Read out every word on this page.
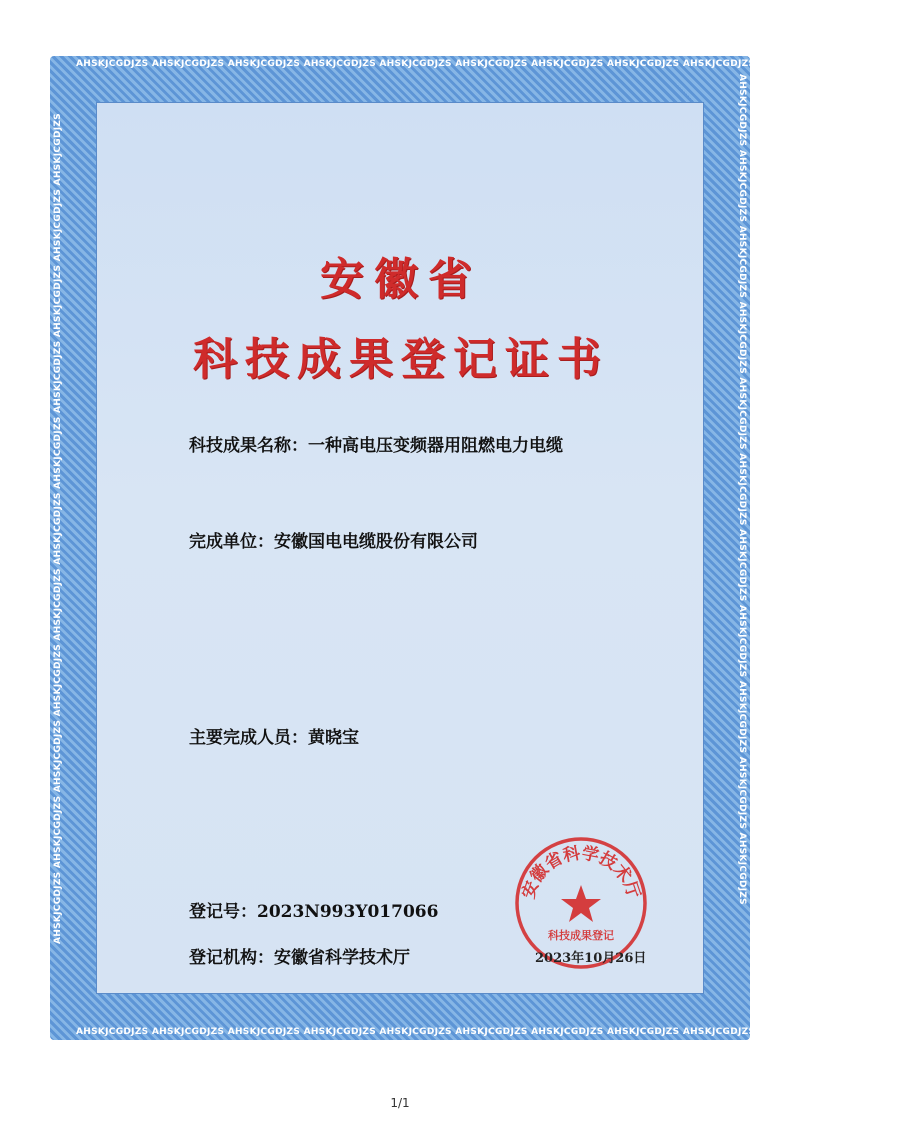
AHSKJCGDJZS AHSKJCGDJZS AHSKJCGDJZS AHSKJCGDJZS AHSKJCGDJZS AHSKJCGDJZS AHSKJCGDJZS AHSKJCGDJZS AHSKJCGDJZS AHSKJCGDJZS AHSKJCGDJZS
AHSKJCGDJZS AHSKJCGDJZS AHSKJCGDJZS AHSKJCGDJZS AHSKJCGDJZS AHSKJCGDJZS AHSKJCGDJZS AHSKJCGDJZS AHSKJCGDJZS AHSKJCGDJZS AHSKJCGDJZS
AHSKJCGDJZS AHSKJCGDJZS AHSKJCGDJZS AHSKJCGDJZS AHSKJCGDJZS AHSKJCGDJZS AHSKJCGDJZS AHSKJCGDJZS AHSKJCGDJZS AHSKJCGDJZS AHSKJCGDJZS	AHSKJCGDJZS AHSKJCGDJZS AHSKJCGDJZS AHSKJCGDJZS AHSKJCGDJZS AHSKJCGDJZS AHSKJCGDJZS AHSKJCGDJZS AHSKJCGDJZS AHSKJCGDJZS AHSKJCGDJZS
安徽省
科技成果登记证书
科技成果名称：一种高电压变频器用阻燃电力电缆
完成单位：安徽国电电缆股份有限公司
主要完成人员：黄晓宝
登记号：2023N993Y017066
登记机构：安徽省科学技术厅
安徽省科学技术厅
科技成果登记
2023年10月26日
1/1
